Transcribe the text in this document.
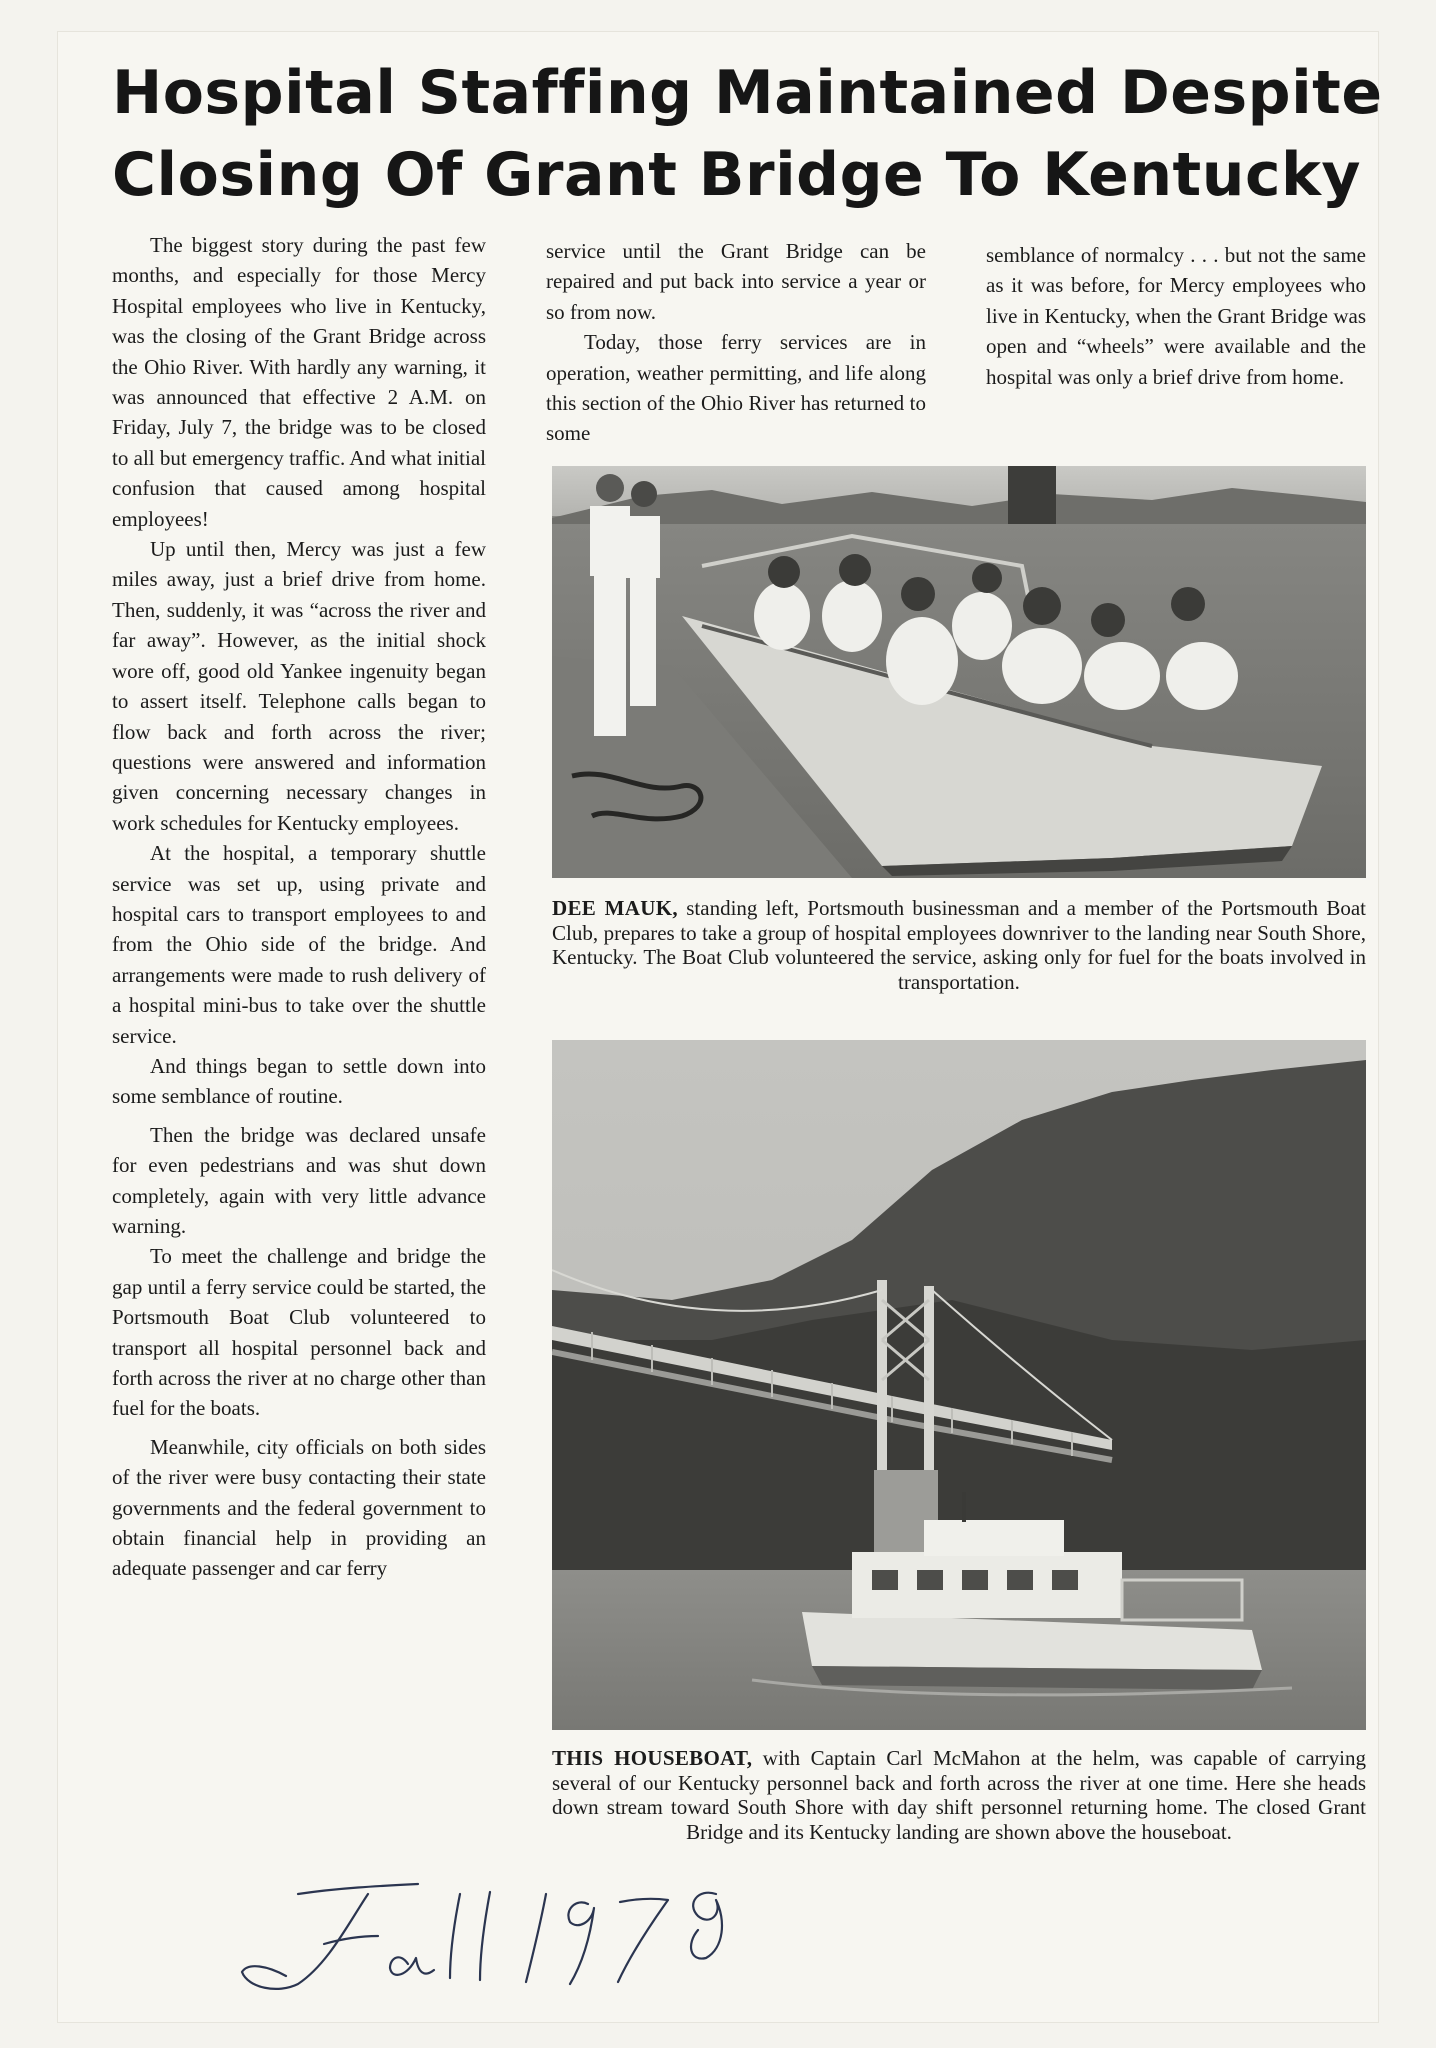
Hospital Staffing Maintained Despite
Closing Of Grant Bridge To Kentucky

The biggest story during the past few months, and especially for those Mercy Hospital employees who live in Kentucky, was the closing of the Grant Bridge across the Ohio River. With hardly any warning, it was announced that effective 2 A.M. on Friday, July 7, the bridge was to be closed to all but emergency traffic. And what initial confusion that caused among hospital employees!

Up until then, Mercy was just a few miles away, just a brief drive from home. Then, suddenly, it was “across the river and far away”. However, as the initial shock wore off, good old Yankee ingenuity began to assert itself. Telephone calls began to flow back and forth across the river; questions were answered and information given concerning necessary changes in work schedules for Kentucky employees.

At the hospital, a temporary shuttle service was set up, using private and hospital cars to transport employees to and from the Ohio side of the bridge. And arrangements were made to rush delivery of a hospital mini-bus to take over the shuttle service.

And things began to settle down into some semblance of routine.

Then the bridge was declared unsafe for even pedestrians and was shut down completely, again with very little advance warning.

To meet the challenge and bridge the gap until a ferry service could be started, the Portsmouth Boat Club volunteered to transport all hospital personnel back and forth across the river at no charge other than fuel for the boats.

Meanwhile, city officials on both sides of the river were busy contacting their state governments and the federal government to obtain financial help in providing an adequate passenger and car ferry

service until the Grant Bridge can be repaired and put back into service a year or so from now.

Today, those ferry services are in operation, weather permitting, and life along this section of the Ohio River has returned to some

semblance of normalcy . . . but not the same as it was before, for Mercy employees who live in Kentucky, when the Grant Bridge was open and “wheels” were available and the hospital was only a brief drive from home.

DEE MAUK, standing left, Portsmouth businessman and a member of the Portsmouth Boat Club, prepares to take a group of hospital employees downriver to the landing near South Shore, Kentucky. The Boat Club volunteered the service, asking only for fuel for the boats involved in transportation.

THIS HOUSEBOAT, with Captain Carl McMahon at the helm, was capable of carrying several of our Kentucky personnel back and forth across the river at one time. Here she heads down stream toward South Shore with day shift personnel returning home. The closed Grant Bridge and its Kentucky landing are shown above the houseboat.
